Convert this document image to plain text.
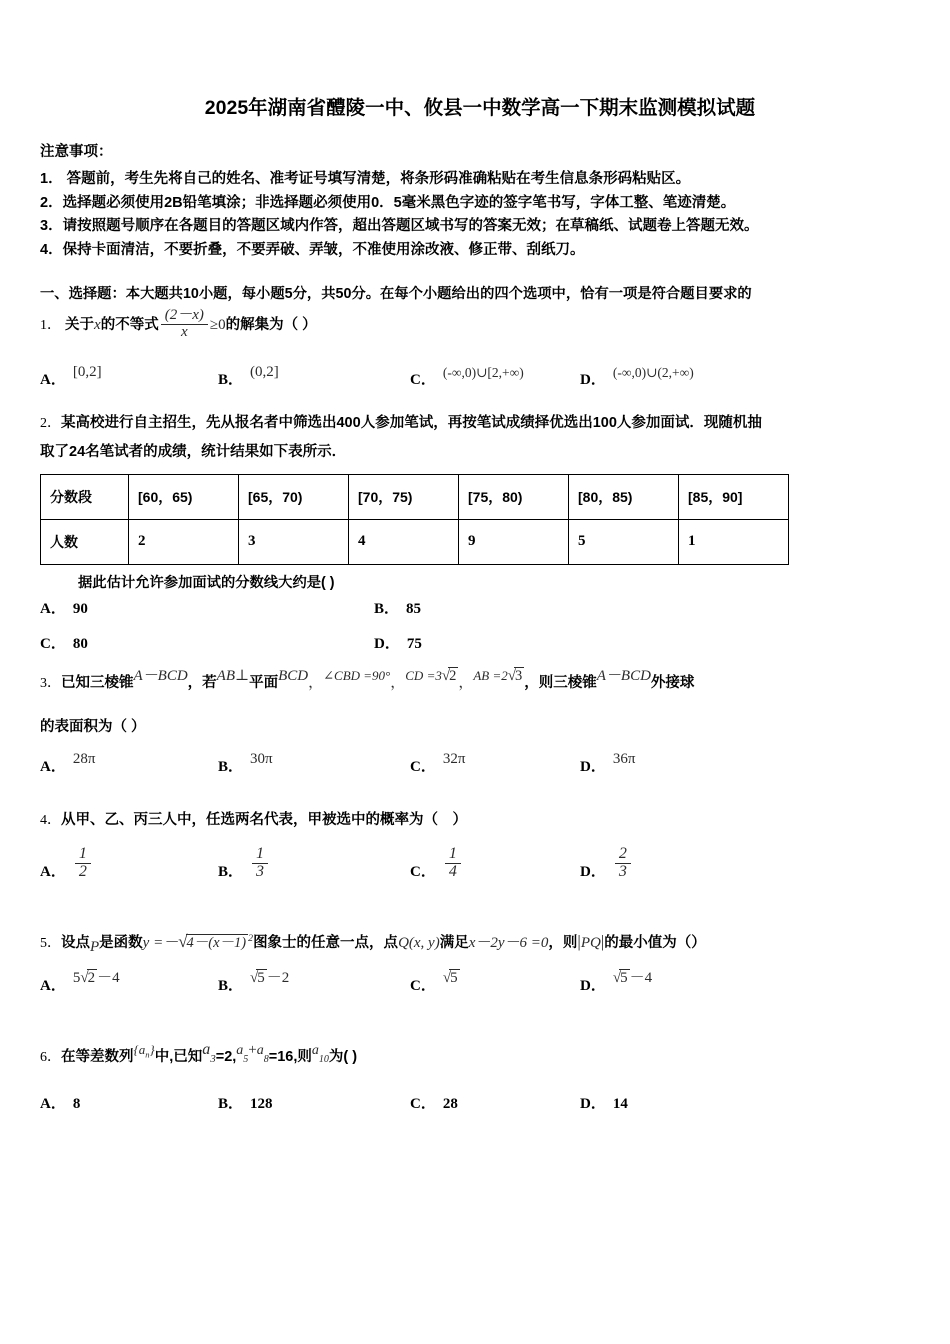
2025年湖南省醴陵一中、攸县一中数学高一下期末监测模拟试题
注意事项：
1． 答题前，考生先将自己的姓名、准考证号填写清楚，将条形码准确粘贴在考生信息条形码粘贴区。
2．选择题必须使用2B铅笔填涂；非选择题必须使用0．5毫米黑色字迹的签字笔书写，字体工整、笔迹清楚。
3．请按照题号顺序在各题目的答题区域内作答，超出答题区域书写的答案无效；在草稿纸、试题卷上答题无效。
4．保持卡面清洁，不要折叠，不要弄破、弄皱，不准使用涂改液、修正带、刮纸刀。
一、选择题：本大题共10小题，每小题5分，共50分。在每个小题给出的四个选项中，恰有一项是符合题目要求的
1． 关于x的不等式 $\frac{(2-x)}{x} \ge 0$的解集为（ ）
A． [0,2]	B． (0,2]	C． (-∞,0)∪[2,+∞)	D． (-∞,0)∪(2,+∞)
2．某高校进行自主招生，先从报名者中筛选出400人参加笔试，再按笔试成绩择优选出100人参加面试．现随机抽
取了24名笔试者的成绩，统计结果如下表所示．
分数段	[60，65)	[65，70)	[70，75)	[75，80)	[80，85)	[85，90]
人数	2	3	4	9	5	1
据此估计允许参加面试的分数线大约是( )
A． 90	B． 85
C． 80	D． 75
3．已知三棱锥A－BCD，若AB⊥平面BCD，∠CBD =90°，CD =3√2 ，AB =2√3 ，则三棱锥A－BCD外接球
的表面积为（ ）
A． 28π	B． 30π	C． 32π	D． 36π
4．从甲、乙、丙三人中，任选两名代表，甲被选中的概率为（　）
A． $\frac{1}{2}$	B． $\frac{1}{3}$	C． $\frac{1}{4}$	D． $\frac{2}{3}$
5．设点P是函数y =－√4－(x－1) $^2$图象士的任意一点，点Q(x, y)满足x－2y－6 =0，则|PQ|的最小值为（）
A． 5√2 －4	B． √5 －2	C． √5	D． √5 －4
6．在等差数列$\{a_n\}$中,已知a3=2,a5+a8=16,则a10为( )
A． 8	B． 128	C． 28	D． 14
